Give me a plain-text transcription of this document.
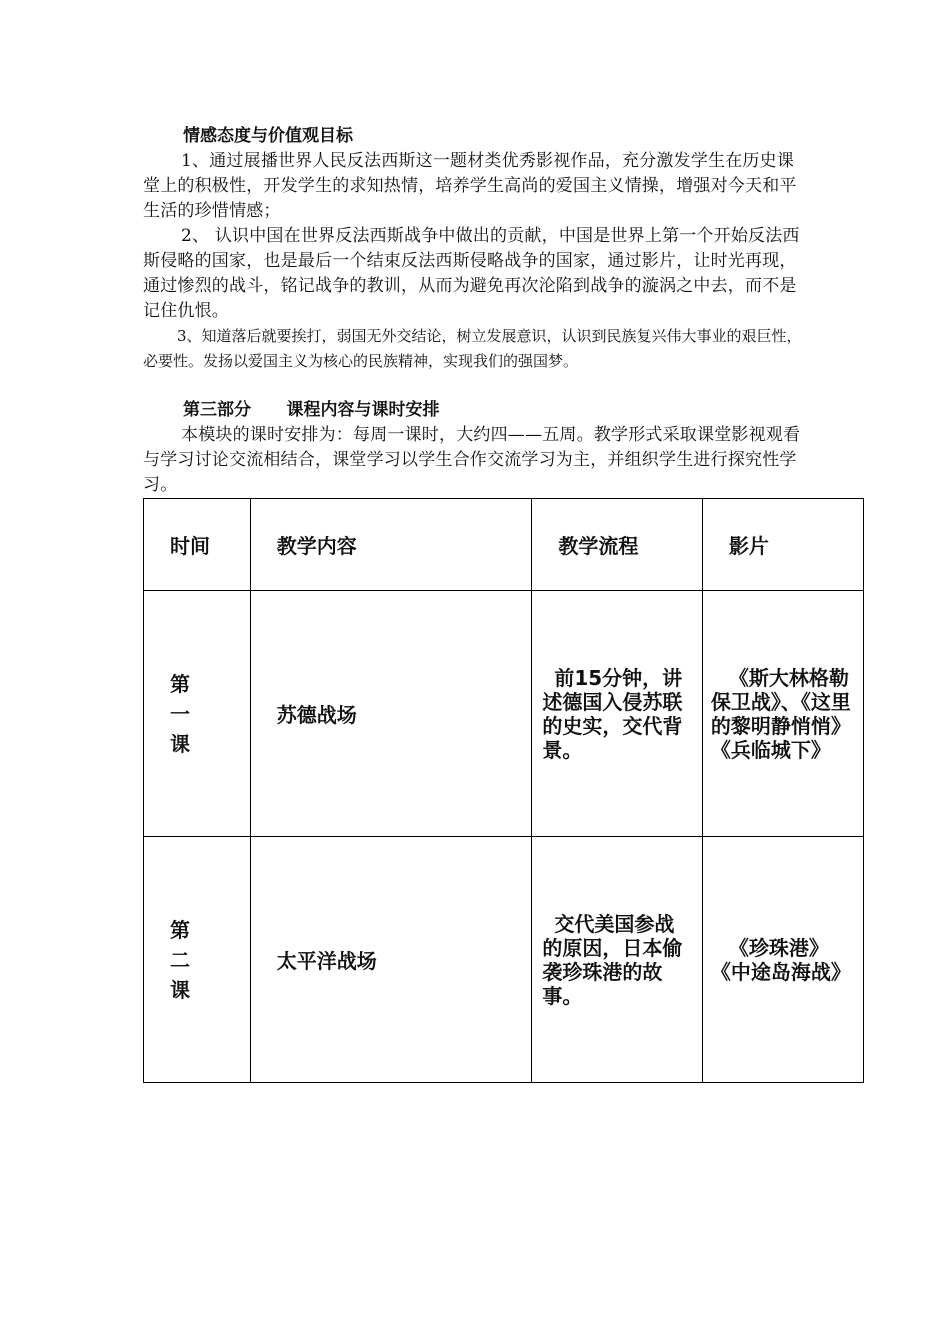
情感态度与价值观目标

1、通过展播世界人民反法西斯这一题材类优秀影视作品，充分激发学生在历史课堂上的积极性，开发学生的求知热情，培养学生高尚的爱国主义情操，增强对今天和平生活的珍惜情感；

2、 认识中国在世界反法西斯战争中做出的贡献，中国是世界上第一个开始反法西斯侵略的国家，也是最后一个结束反法西斯侵略战争的国家，通过影片，让时光再现，通过惨烈的战斗，铭记战争的教训，从而为避免再次沦陷到战争的漩涡之中去，而不是记住仇恨。

3、知道落后就要挨打，弱国无外交结论，树立发展意识，认识到民族复兴伟大事业的艰巨性，必要性。发扬以爱国主义为核心的民族精神，实现我们的强国梦。

第三部分      课程内容与课时安排

本模块的课时安排为：每周一课时，大约四——五周。教学形式采取课堂影视观看与学习讨论交流相结合，课堂学习以学生合作交流学习为主，并组织学生进行探究性学习。

时间	教学内容	教学流程	影片

第一课	苏德战场	前15分钟，讲述德国入侵苏联的史实，交代背景。	《斯大林格勒保卫战》、《这里的黎明静悄悄》《兵临城下》

第二课	太平洋战场	交代美国参战的原因，日本偷袭珍珠港的故事。	《珍珠港》《中途岛海战》
